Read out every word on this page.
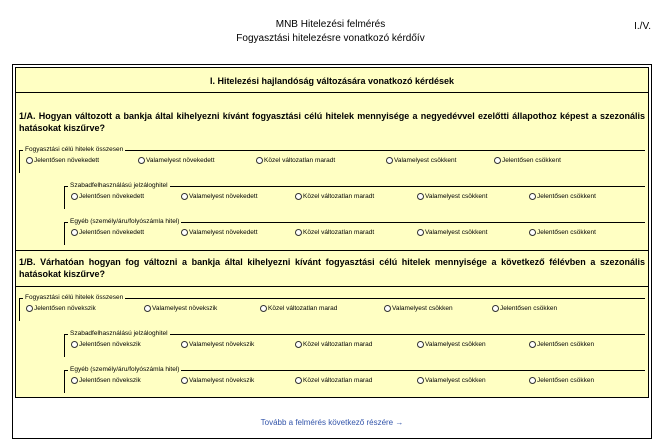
MNB Hitelezési felmérés
Fogyasztási hitelezésre vonatkozó kérdőív
I./V.
I. Hitelezési hajlandóság változására vonatkozó kérdések
1/A. Hogyan változott a bankja által kihelyezni kívánt fogyasztási célú hitelek mennyisége a negyedévvel ezelőtti állapothoz képest a szezonális hatásokat kiszűrve?
Fogyasztási célú hitelek összesen
Jelentősen növekedett	Valamelyest növekedett	Közel változatlan maradt	Valamelyest csökkent	Jelentősen csökkent
Szabadfelhasználású jelzáloghitel
Jelentősen növekedett	Valamelyest növekedett	Közel változatlan maradt	Valamelyest csökkent	Jelentősen csökkent
Egyéb (személy/áru/folyószámla hitel)
Jelentősen növekedett	Valamelyest növekedett	Közel változatlan maradt	Valamelyest csökkent	Jelentősen csökkent
1/B. Várhatóan hogyan fog változni a bankja által kihelyezni kívánt fogyasztási célú hitelek mennyisége a következő félévben a szezonális hatásokat kiszűrve?
Fogyasztási célú hitelek összesen
Jelentősen növekszik	Valamelyest növekszik	Közel változatlan marad	Valamelyest csökken	Jelentősen csökken
Szabadfelhasználású jelzáloghitel
Jelentősen növekszik	Valamelyest növekszik	Közel változatlan marad	Valamelyest csökken	Jelentősen csökken
Egyéb (személy/áru/folyószámla hitel)
Jelentősen növekszik	Valamelyest növekszik	Közel változatlan marad	Valamelyest csökken	Jelentősen csökken
Tovább a felmérés következő részére →
